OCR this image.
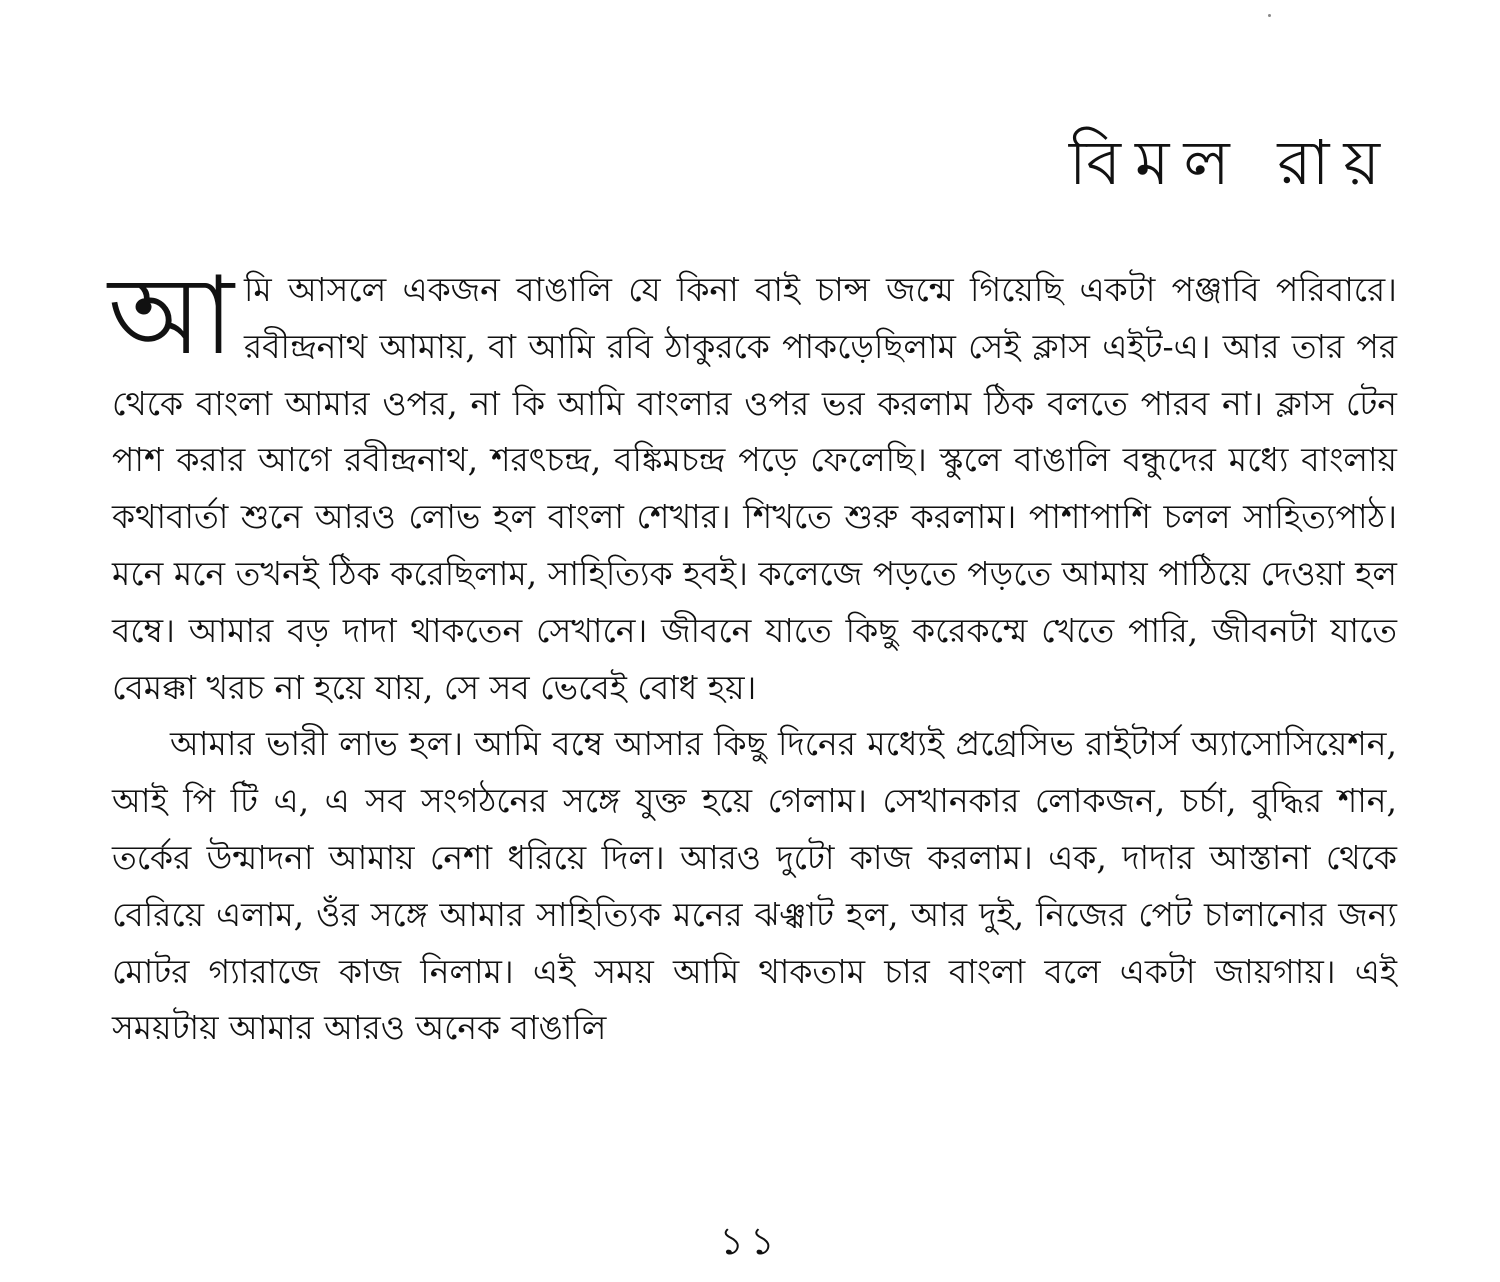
বিমল রায়

আমি আসলে একজন বাঙালি যে কিনা বাই চান্স জন্মে গিয়েছি একটা পঞ্জাবি পরিবারে। রবীন্দ্রনাথ আমায়, বা আমি রবি ঠাকুরকে পাকড়েছিলাম সেই ক্লাস এইট-এ। আর তার পর থেকে বাংলা আমার ওপর, না কি আমি বাংলার ওপর ভর করলাম ঠিক বলতে পারব না। ক্লাস টেন পাশ করার আগে রবীন্দ্রনাথ, শরৎচন্দ্র, বঙ্কিমচন্দ্র পড়ে ফেলেছি। স্কুলে বাঙালি বন্ধুদের মধ্যে বাংলায় কথাবার্তা শুনে আরও লোভ হল বাংলা শেখার। শিখতে শুরু করলাম। পাশাপাশি চলল সাহিত্যপাঠ। মনে মনে তখনই ঠিক করেছিলাম, সাহিত্যিক হবই। কলেজে পড়তে পড়তে আমায় পাঠিয়ে দেওয়া হল বম্বে। আমার বড় দাদা থাকতেন সেখানে। জীবনে যাতে কিছু করেকম্মে খেতে পারি, জীবনটা যাতে বেমক্কা খরচ না হয়ে যায়, সে সব ভেবেই বোধ হয়।

আমার ভারী লাভ হল। আমি বম্বে আসার কিছু দিনের মধ্যেই প্রগ্রেসিভ রাইটার্স অ্যাসোসিয়েশন, আই পি টি এ, এ সব সংগঠনের সঙ্গে যুক্ত হয়ে গেলাম। সেখানকার লোকজন, চর্চা, বুদ্ধির শান, তর্কের উন্মাদনা আমায় নেশা ধরিয়ে দিল। আরও দুটো কাজ করলাম। এক, দাদার আস্তানা থেকে বেরিয়ে এলাম, ওঁর সঙ্গে আমার সাহিত্যিক মনের ঝঞ্ঝাট হল, আর দুই, নিজের পেট চালানোর জন্য মোটর গ্যারাজে কাজ নিলাম। এই সময় আমি থাকতাম চার বাংলা বলে একটা জায়গায়। এই সময়টায় আমার আরও অনেক বাঙালি

১১
